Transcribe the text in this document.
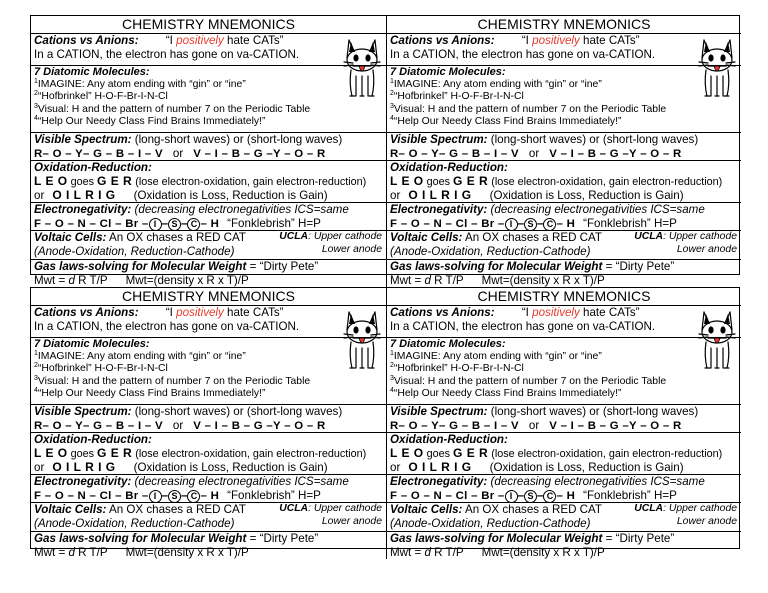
CHEMISTRY MNEMONICS
Cations vs Anions: “I positively hate CATs”
In a CATION, the electron has gone on va-CATION.
7 Diatomic Molecules:
$^1$IMAGINE: Any atom ending with “gin” or “ine”
$^2$“Hofbrinkel” H-O-F-Br-I-N-Cl
$^3$Visual: H and the pattern of number 7 on the Periodic Table
$^4$“Help Our Needy Class Find Brains Immediately!”
Visible Spectrum: (long-short waves) or (short-long waves)
R– O – Y– G – B – I – V or V – I – B – G –Y – O – R
Oxidation-Reduction:
L E O goes G E R (lose electron-oxidation, gain electron-reduction)
or O I L R I G (Oxidation is Loss, Reduction is Gain)
Electronegativity: (decreasing electronegativities ICS=same
F – O – N – Cl – Br – I – S – C – H “Fonklebrish” H=P
Voltaic Cells: An OX chases a RED CAT
(Anode-Oxidation, Reduction-Cathode)
UCLA: Upper cathode
Lower anode
Gas laws-solving for Molecular Weight = “Dirty Pete”
Mwt = d R T/P Mwt=(density x R x T)/P
CHEMISTRY MNEMONICS
Cations vs Anions: “I positively hate CATs”
In a CATION, the electron has gone on va-CATION.
7 Diatomic Molecules:
$^1$IMAGINE: Any atom ending with “gin” or “ine”
$^2$“Hofbrinkel” H-O-F-Br-I-N-Cl
$^3$Visual: H and the pattern of number 7 on the Periodic Table
$^4$“Help Our Needy Class Find Brains Immediately!”
Visible Spectrum: (long-short waves) or (short-long waves)
R– O – Y– G – B – I – V or V – I – B – G –Y – O – R
Oxidation-Reduction:
L E O goes G E R (lose electron-oxidation, gain electron-reduction)
or O I L R I G (Oxidation is Loss, Reduction is Gain)
Electronegativity: (decreasing electronegativities ICS=same
F – O – N – Cl – Br – I – S – C – H “Fonklebrish” H=P
Voltaic Cells: An OX chases a RED CAT
(Anode-Oxidation, Reduction-Cathode)
UCLA: Upper cathode
Lower anode
Gas laws-solving for Molecular Weight = “Dirty Pete”
Mwt = d R T/P Mwt=(density x R x T)/P
CHEMISTRY MNEMONICS
Cations vs Anions: “I positively hate CATs”
In a CATION, the electron has gone on va-CATION.
7 Diatomic Molecules:
$^1$IMAGINE: Any atom ending with “gin” or “ine”
$^2$“Hofbrinkel” H-O-F-Br-I-N-Cl
$^3$Visual: H and the pattern of number 7 on the Periodic Table
$^4$“Help Our Needy Class Find Brains Immediately!”
Visible Spectrum: (long-short waves) or (short-long waves)
R– O – Y– G – B – I – V or V – I – B – G –Y – O – R
Oxidation-Reduction:
L E O goes G E R (lose electron-oxidation, gain electron-reduction)
or O I L R I G (Oxidation is Loss, Reduction is Gain)
Electronegativity: (decreasing electronegativities ICS=same
F – O – N – Cl – Br – I – S – C – H “Fonklebrish” H=P
Voltaic Cells: An OX chases a RED CAT
(Anode-Oxidation, Reduction-Cathode)
UCLA: Upper cathode
Lower anode
Gas laws-solving for Molecular Weight = “Dirty Pete”
Mwt = d R T/P Mwt=(density x R x T)/P
CHEMISTRY MNEMONICS
Cations vs Anions: “I positively hate CATs”
In a CATION, the electron has gone on va-CATION.
7 Diatomic Molecules:
$^1$IMAGINE: Any atom ending with “gin” or “ine”
$^2$“Hofbrinkel” H-O-F-Br-I-N-Cl
$^3$Visual: H and the pattern of number 7 on the Periodic Table
$^4$“Help Our Needy Class Find Brains Immediately!”
Visible Spectrum: (long-short waves) or (short-long waves)
R– O – Y– G – B – I – V or V – I – B – G –Y – O – R
Oxidation-Reduction:
L E O goes G E R (lose electron-oxidation, gain electron-reduction)
or O I L R I G (Oxidation is Loss, Reduction is Gain)
Electronegativity: (decreasing electronegativities ICS=same
F – O – N – Cl – Br – I – S – C – H “Fonklebrish” H=P
Voltaic Cells: An OX chases a RED CAT
(Anode-Oxidation, Reduction-Cathode)
UCLA: Upper cathode
Lower anode
Gas laws-solving for Molecular Weight = “Dirty Pete”
Mwt = d R T/P Mwt=(density x R x T)/P
